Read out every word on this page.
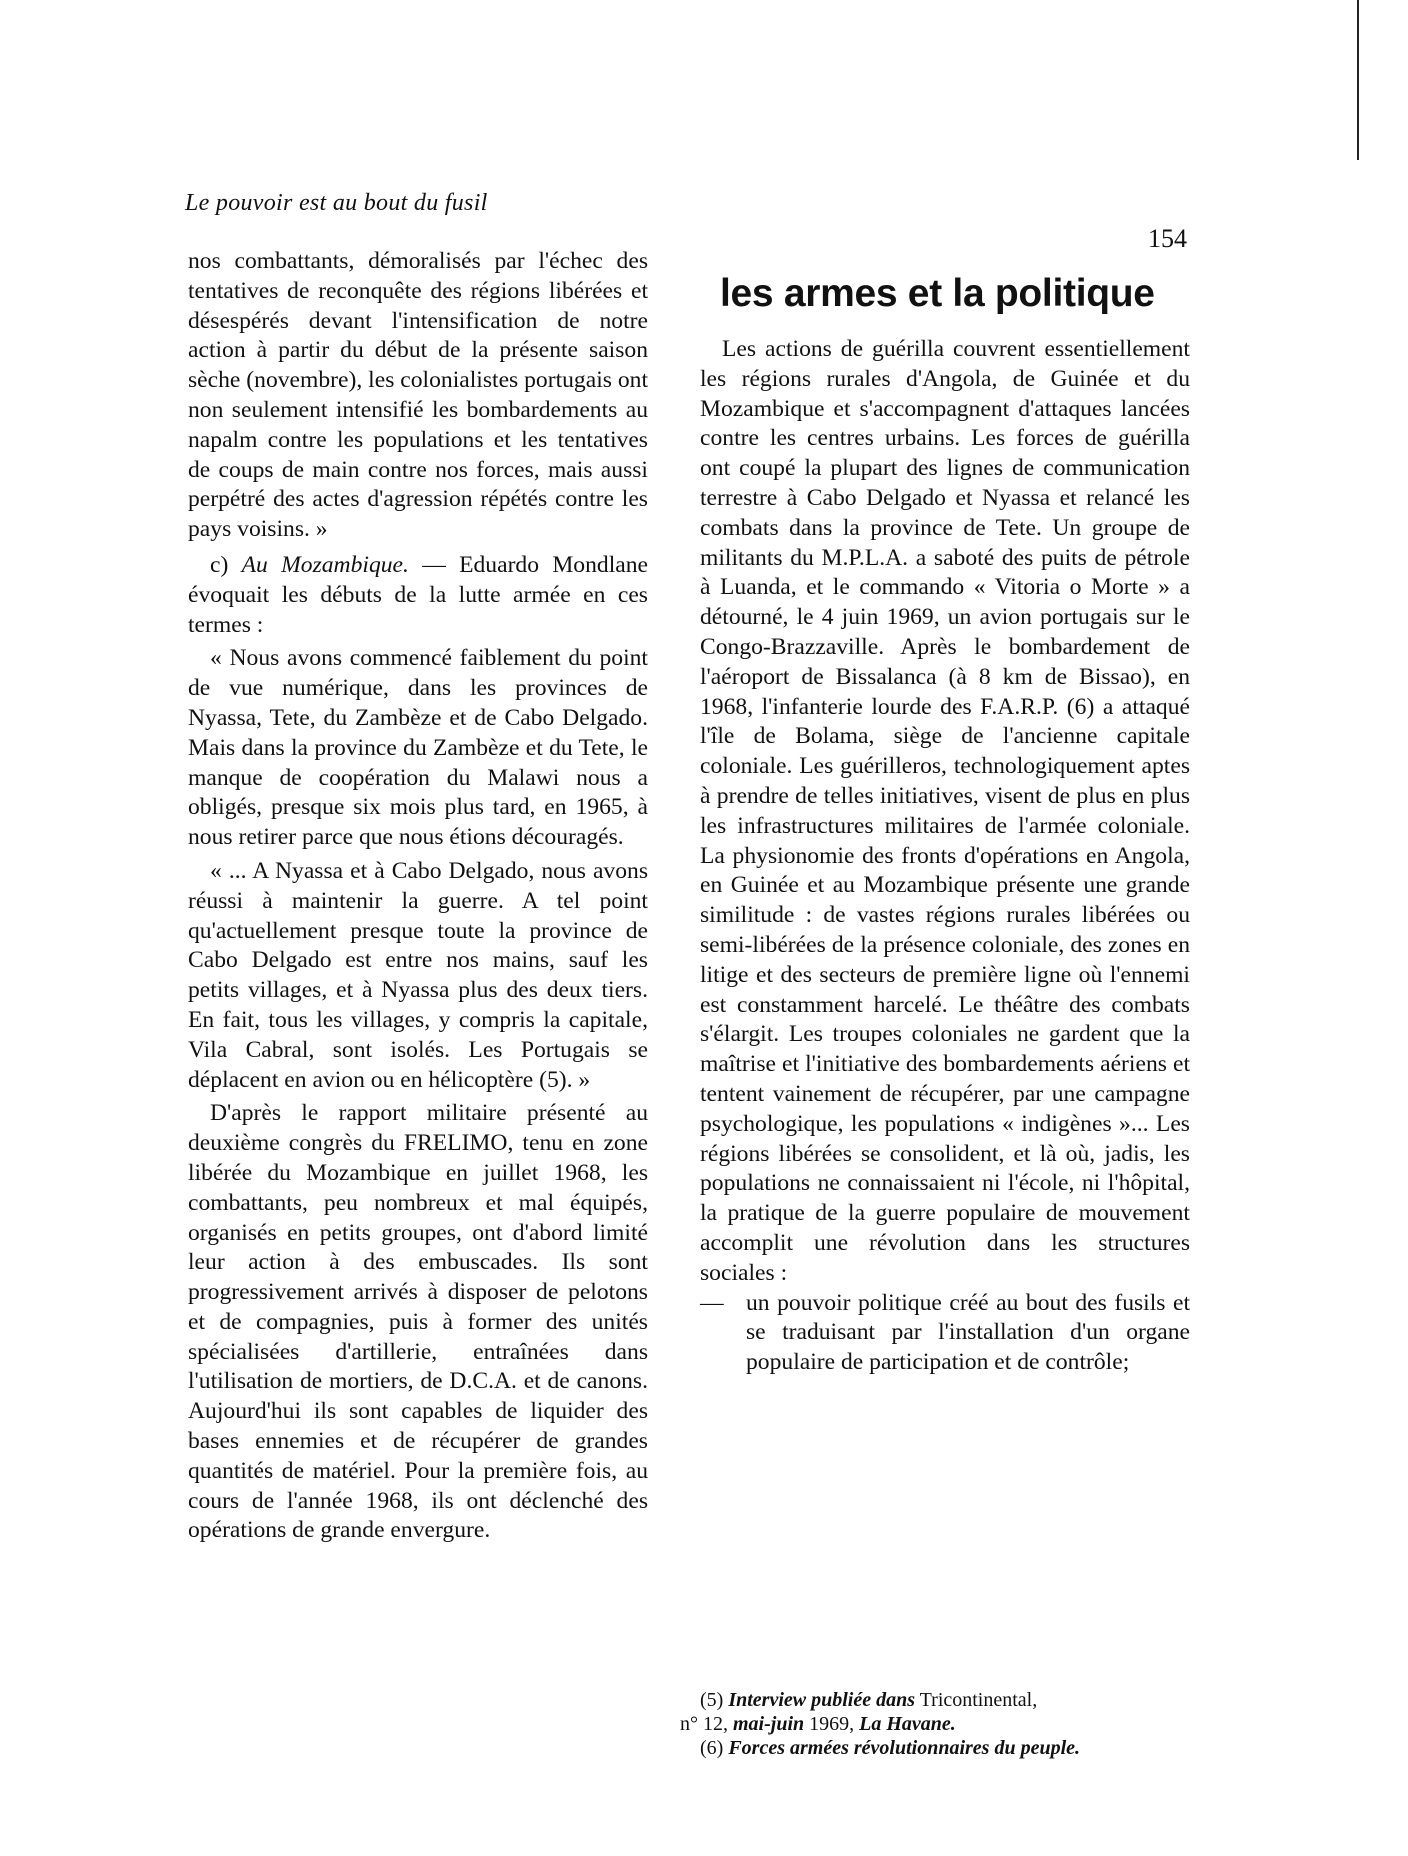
Le pouvoir est au bout du fusil
154

nos combattants, démoralisés par l'échec des tentatives de reconquête des régions libérées et désespérés devant l'intensification de notre action à partir du début de la présente saison sèche (novembre), les colonialistes portugais ont non seulement intensifié les bombardements au napalm contre les populations et les tentatives de coups de main contre nos forces, mais aussi perpétré des actes d'agression répétés contre les pays voisins. »

c) Au Mozambique. — Eduardo Mondlane évoquait les débuts de la lutte armée en ces termes :

« Nous avons commencé faiblement du point de vue numérique, dans les provinces de Nyassa, Tete, du Zambèze et de Cabo Delgado. Mais dans la province du Zambèze et du Tete, le manque de coopération du Malawi nous a obligés, presque six mois plus tard, en 1965, à nous retirer parce que nous étions découragés.

« ... A Nyassa et à Cabo Delgado, nous avons réussi à maintenir la guerre. A tel point qu'actuellement presque toute la province de Cabo Delgado est entre nos mains, sauf les petits villages, et à Nyassa plus des deux tiers. En fait, tous les villages, y compris la capitale, Vila Cabral, sont isolés. Les Portugais se déplacent en avion ou en hélicoptère (5). »

D'après le rapport militaire présenté au deuxième congrès du FRELIMO, tenu en zone libérée du Mozambique en juillet 1968, les combattants, peu nombreux et mal équipés, organisés en petits groupes, ont d'abord limité leur action à des embuscades. Ils sont progressivement arrivés à disposer de pelotons et de compagnies, puis à former des unités spécialisées d'artillerie, entraînées dans l'utilisation de mortiers, de D.C.A. et de canons. Aujourd'hui ils sont capables de liquider des bases ennemies et de récupérer de grandes quantités de matériel. Pour la première fois, au cours de l'année 1968, ils ont déclenché des opérations de grande envergure.

les armes et la politique

Les actions de guérilla couvrent essentiellement les régions rurales d'Angola, de Guinée et du Mozambique et s'accompagnent d'attaques lancées contre les centres urbains. Les forces de guérilla ont coupé la plupart des lignes de communication terrestre à Cabo Delgado et Nyassa et relancé les combats dans la province de Tete. Un groupe de militants du M.P.L.A. a saboté des puits de pétrole à Luanda, et le commando « Vitoria o Morte » a détourné, le 4 juin 1969, un avion portugais sur le Congo-Brazzaville. Après le bombardement de l'aéroport de Bissalanca (à 8 km de Bissao), en 1968, l'infanterie lourde des F.A.R.P. (6) a attaqué l'île de Bolama, siège de l'ancienne capitale coloniale. Les guérilleros, technologiquement aptes à prendre de telles initiatives, visent de plus en plus les infrastructures militaires de l'armée coloniale. La physionomie des fronts d'opérations en Angola, en Guinée et au Mozambique présente une grande similitude : de vastes régions rurales libérées ou semi-libérées de la présence coloniale, des zones en litige et des secteurs de première ligne où l'ennemi est constamment harcelé. Le théâtre des combats s'élargit. Les troupes coloniales ne gardent que la maîtrise et l'initiative des bombardements aériens et tentent vainement de récupérer, par une campagne psychologique, les populations « indigènes »... Les régions libérées se consolident, et là où, jadis, les populations ne connaissaient ni l'école, ni l'hôpital, la pratique de la guerre populaire de mouvement accomplit une révolution dans les structures sociales :

— un pouvoir politique créé au bout des fusils et se traduisant par l'installation d'un organe populaire de participation et de contrôle;

(5) Interview publiée dans Tricontinental,

n° 12, mai-juin 1969, La Havane.

(6) Forces armées révolutionnaires du peuple.
